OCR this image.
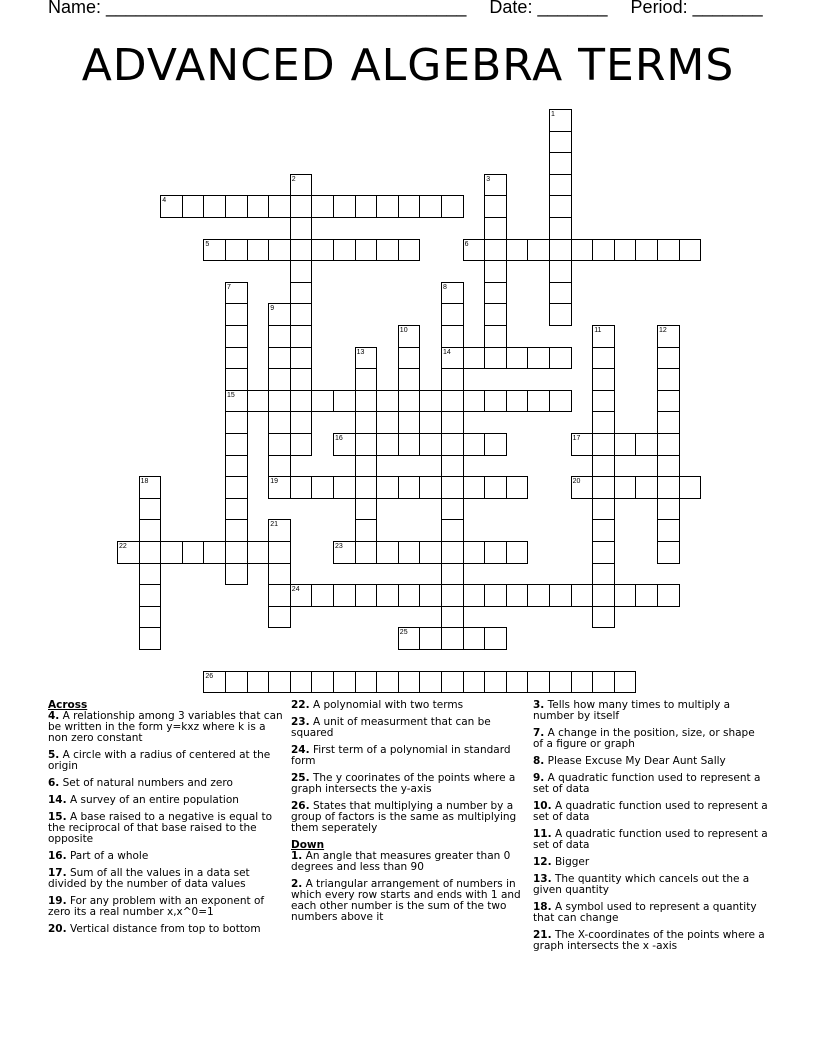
Name: ____________________________________ Date: _______ Period: _______
ADVANCED ALGEBRA TERMS
1
2	3
4
5	6
7
15
8
14
9
10	11	12
13
16	17
18	19	20
21
22	23
24
25
26
Across
4. A relationship among 3 variables that can be written in the form y=kxz where k is a non zero constant
5. A circle with a radius of centered at the origin
6. Set of natural numbers and zero
14. A survey of an entire population
15. A base raised to a negative is equal to the reciprocal of that base raised to the opposite
16. Part of a whole
17. Sum of all the values in a data set divided by the number of data values
19. For any problem with an exponent of zero its a real number x,x^0=1
20. Vertical distance from top to bottom
22. A polynomial with two terms
23. A unit of measurment that can be squared
24. First term of a polynomial in standard form
25. The y coorinates of the points where a graph intersects the y-axis
26. States that multiplying a number by a group of factors is the same as multiplying them seperately
Down
1. An angle that measures greater than 0 degrees and less than 90
2. A triangular arrangement of numbers in which every row starts and ends with 1 and each other number is the sum of the two numbers above it
3. Tells how many times to multiply a number by itself
7. A change in the position, size, or shape of a figure or graph
8. Please Excuse My Dear Aunt Sally
9. A quadratic function used to represent a set of data
10. A quadratic function used to represent a set of data
11. A quadratic function used to represent a set of data
12. Bigger
13. The quantity which cancels out the a given quantity
18. A symbol used to represent a quantity that can change
21. The X-coordinates of the points where a graph intersects the x -axis
